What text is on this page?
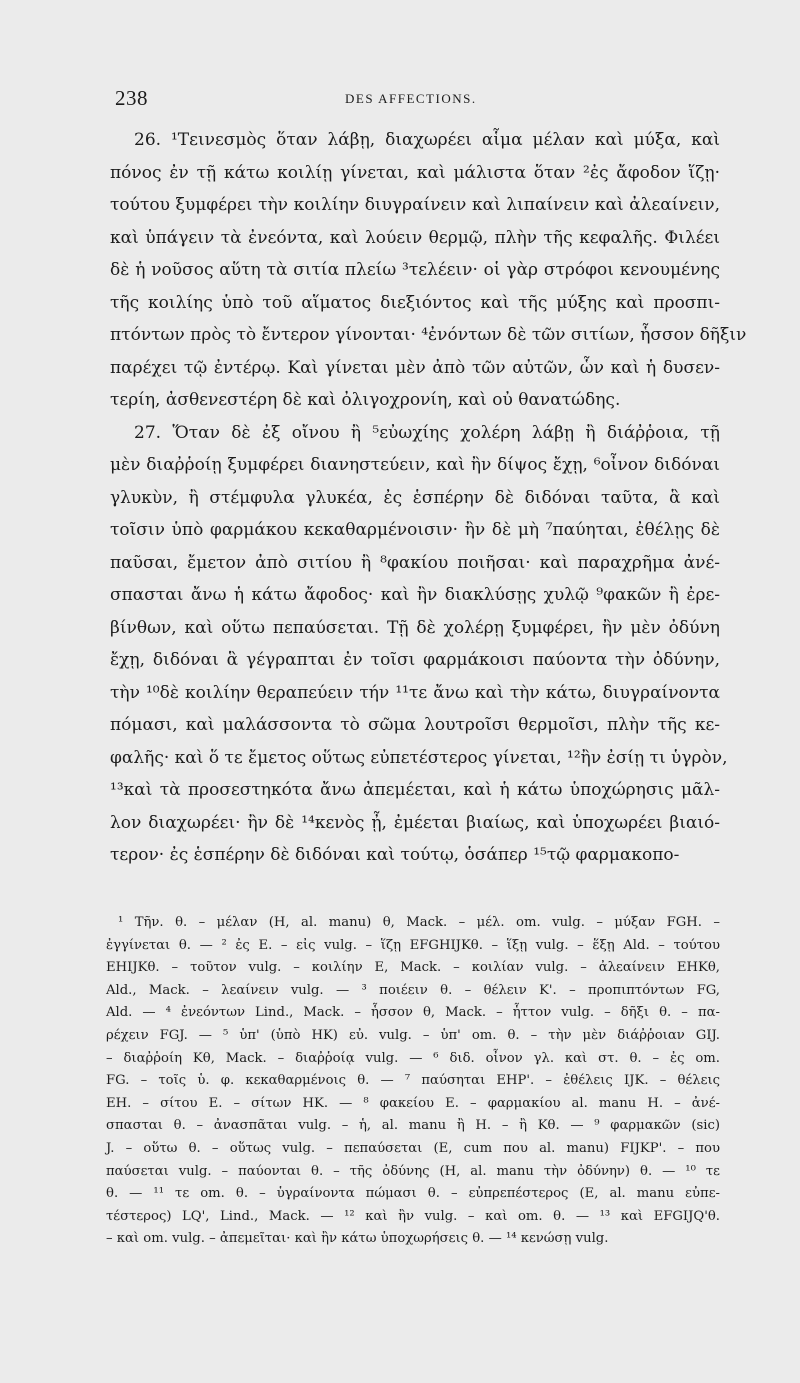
238	DES AFFECTIONS.
26. ¹Τεινεσμὸς ὅταν λάβῃ, διαχωρέει αἷμα μέλαν καὶ μύξα, καὶ
πόνος ἐν τῇ κάτω κοιλίῃ γίνεται, καὶ μάλιστα ὅταν ²ἐς ἄφοδον ἵζῃ·
τούτου ξυμφέρει τὴν κοιλίην διυγραίνειν καὶ λιπαίνειν καὶ ἀλεαίνειν,
καὶ ὑπάγειν τὰ ἐνεόντα, καὶ λούειν θερμῷ, πλὴν τῆς κεφαλῆς. Φιλέει
δὲ ἡ νοῦσος αὕτη τὰ σιτία πλείω ³τελέειν· οἱ γὰρ στρόφοι κενουμένης
τῆς κοιλίης ὑπὸ τοῦ αἵματος διεξιόντος καὶ τῆς μύξης καὶ προσπι-
πτόντων πρὸς τὸ ἔντερον γίνονται· ⁴ἐνόντων δὲ τῶν σιτίων, ἧσσον δῆξιν
παρέχει τῷ ἐντέρῳ. Καὶ γίνεται μὲν ἀπὸ τῶν αὐτῶν, ὧν καὶ ἡ δυσεν-
τερίη, ἀσθενεστέρη δὲ καὶ ὀλιγοχρονίη, καὶ οὐ θανατώδης.
27. Ὅταν δὲ ἐξ οἴνου ἢ ⁵εὐωχίης χολέρη λάβῃ ἢ διάῤῥοια, τῇ
μὲν διαῤῥοίῃ ξυμφέρει διανηστεύειν, καὶ ἢν δίψος ἔχῃ, ⁶οἶνον διδόναι
γλυκὺν, ἢ στέμφυλα γλυκέα, ἐς ἑσπέρην δὲ διδόναι ταῦτα, ἃ καὶ
τοῖσιν ὑπὸ φαρμάκου κεκαθαρμένοισιν· ἢν δὲ μὴ ⁷παύηται, ἐθέλῃς δὲ
παῦσαι, ἔμετον ἀπὸ σιτίου ἢ ⁸φακίου ποιῆσαι· καὶ παραχρῆμα ἀνέ-
σπασται ἄνω ἡ κάτω ἄφοδος· καὶ ἢν διακλύσῃς χυλῷ ⁹φακῶν ἢ ἐρε-
βίνθων, καὶ οὕτω πεπαύσεται. Τῇ δὲ χολέρῃ ξυμφέρει, ἢν μὲν ὀδύνη
ἔχῃ, διδόναι ἃ γέγραπται ἐν τοῖσι φαρμάκοισι παύοντα τὴν ὀδύνην,
τὴν ¹⁰δὲ κοιλίην θεραπεύειν τήν ¹¹τε ἄνω καὶ τὴν κάτω, διυγραίνοντα
πόμασι, καὶ μαλάσσοντα τὸ σῶμα λουτροῖσι θερμοῖσι, πλὴν τῆς κε-
φαλῆς· καὶ ὅ τε ἔμετος οὕτως εὐπετέστερος γίνεται, ¹²ἢν ἐσίῃ τι ὑγρὸν,
¹³καὶ τὰ προσεστηκότα ἄνω ἀπεμέεται, καὶ ἡ κάτω ὑποχώρησις μᾶλ-
λον διαχωρέει· ἢν δὲ ¹⁴κενὸς ᾖ, ἐμέεται βιαίως, καὶ ὑποχωρέει βιαιό-
τερον· ἐς ἑσπέρην δὲ διδόναι καὶ τούτῳ, ὁσάπερ ¹⁵τῷ φαρμακοπο-
¹ Τῆν. θ. – μέλαν (H, al. manu) θ, Mack. – μέλ. om. vulg. – μύξαν FGH. –
ἐγγίνεται θ. — ² ἐς E. – εἰς vulg. – ἵζῃ EFGHIJKθ. – ἵξῃ vulg. – ἕξῃ Ald. – τούτου
EHIJKθ. – τοῦτον vulg. – κοιλίην E, Mack. – κοιλίαν vulg. – ἀλεαίνειν EHKθ,
Ald., Mack. – λεαίνειν vulg. — ³ ποιέειν θ. – θέλειν K'. – προπιπτόντων FG,
Ald. — ⁴ ἐνεόντων Lind., Mack. – ἧσσον θ, Mack. – ἧττον vulg. – δῆξι θ. – πα-
ρέχειν FGJ. — ⁵ ὑπ' (ὑπὸ HK) εὐ. vulg. – ὑπ' om. θ. – τὴν μὲν διάῤῥοιαν GIJ.
– διαῤῥοίη Kθ, Mack. – διαῤῥοίᾳ vulg. — ⁶ διδ. οἶνον γλ. καὶ στ. θ. – ἐς om.
FG. – τοῖς ὑ. φ. κεκαθαρμένοις θ. — ⁷ παύσηται EHP'. – ἐθέλεις IJK. – θέλεις
EH. – σίτου E. – σίτων HK. — ⁸ φακείου E. – φαρμακίου al. manu H. – ἀνέ-
σπασται θ. – ἀνασπᾶται vulg. – ἡ, al. manu ἢ H. – ἢ Kθ. — ⁹ φαρμακῶν (sic)
J. – οὕτω θ. – οὕτως vulg. – πεπαύσεται (E, cum που al. manu) FIJKP'. – που
παύσεται vulg. – παύονται θ. – τῆς ὀδύνης (H, al. manu τὴν ὀδύνην) θ. — ¹⁰ τε
θ. — ¹¹ τε om. θ. – ὑγραίνοντα πώμασι θ. – εὐπρεπέστερος (E, al. manu εὐπε-
τέστερος) LQ', Lind., Mack. — ¹² καὶ ἢν vulg. – καὶ om. θ. — ¹³ καὶ EFGIJQ'θ.
– καὶ om. vulg. – ἀπεμεῖται· καὶ ἢν κάτω ὑποχωρήσεις θ. — ¹⁴ κενώσῃ vulg.
